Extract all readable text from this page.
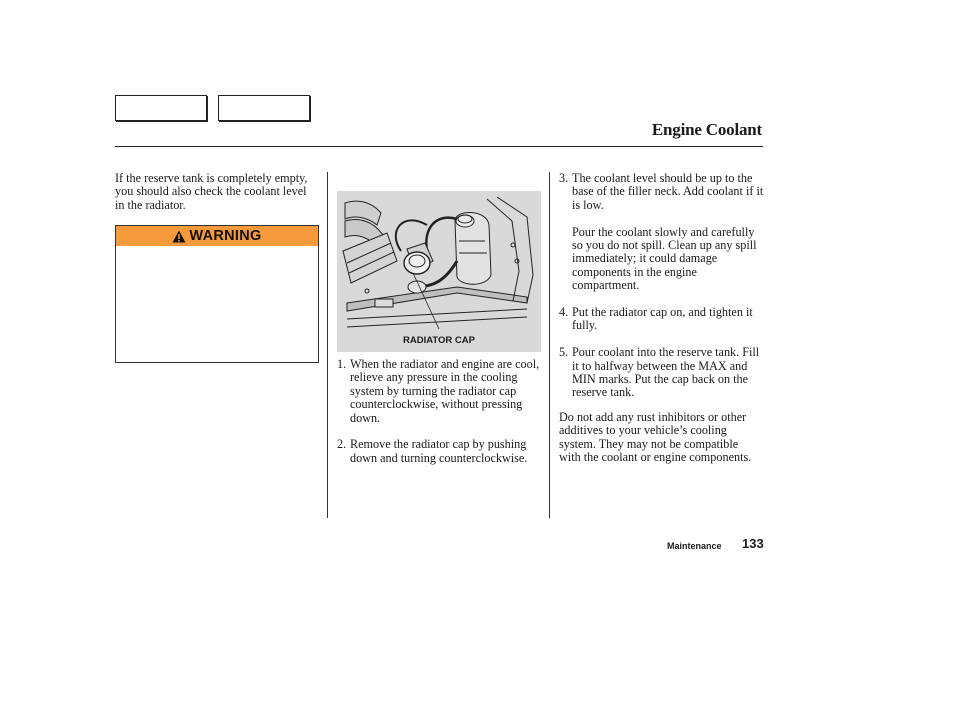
Engine Coolant
If the reserve tank is completely empty, you should also check the coolant level in the radiator.
WARNING
RADIATOR CAP
1. When the radiator and engine are cool, relieve any pressure in the cooling system by turning the radiator cap counterclockwise, without pressing down.
2. Remove the radiator cap by pushing down and turning counterclockwise.
3. The coolant level should be up to the base of the filler neck. Add coolant if it is low.

Pour the coolant slowly and carefully so you do not spill. Clean up any spill immediately; it could damage components in the engine compartment.

4. Put the radiator cap on, and tighten it fully.
5. Pour coolant into the reserve tank. Fill it to halfway between the MAX and MIN marks. Put the cap back on the reserve tank.
Do not add any rust inhibitors or other additives to your vehicle’s cooling system. They may not be compatible with the coolant or engine components.
Maintenance 133
